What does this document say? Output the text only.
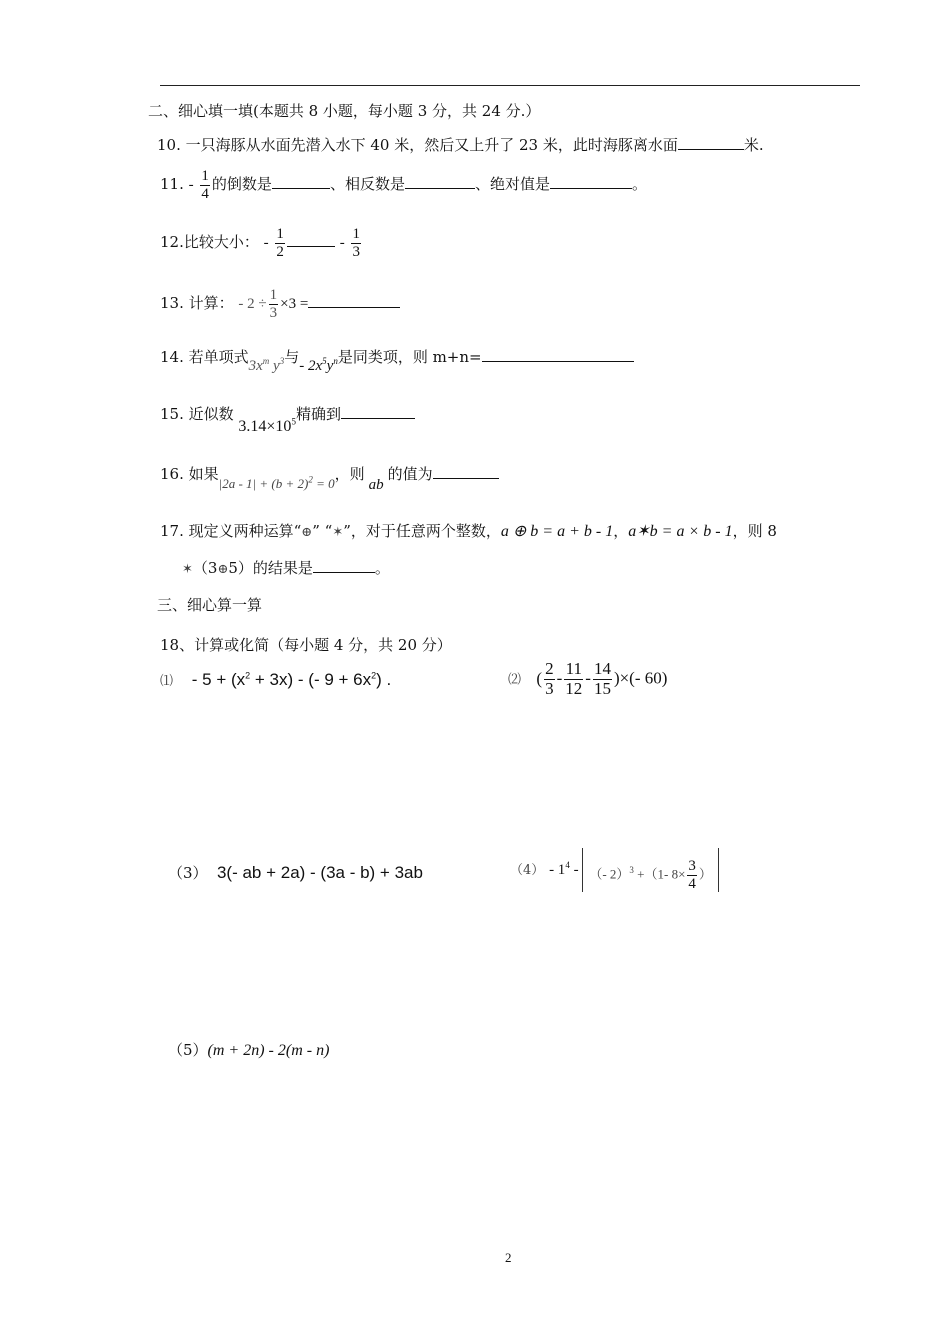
二、细心填一填(本题共 8 小题，每小题 3 分，共 24 分.）
10. 一只海豚从水面先潜入水下 40 米，然后又上升了 23 米，此时海豚离水面	米.
11. - $\frac{1}{4}$ 的倒数是	、相反数是	、绝对值是	。
12.比较大小： - $\frac{1}{2}$	- $\frac{1}{3}$
13. 计算： - $2 \div \frac{1}{3} \times 3$ =
14. 若单项式$3x^m$ $y^3$与- $2x^5y^n$是同类项，则 m+n=
15. 近似数 $3.14\times 10^5$精确到
16. 如果$|2a - 1| + (b + 2)^2 = 0$，则ab的值为
17. 现定义两种运算“⊕” “✶”，对于任意两个整数，a ⊕ b = a + b - 1，a✶b = a × b - 1，则 8
✶（3⊕5）的结果是	。
三、细心算一算
18、计算或化简（每小题 4 分，共 20 分）
⑴ - $5 + (x^2 + 3x)$ - (- $9 + 6x^2$) .	⑵ ( $\frac{2}{3} - \frac{11}{12} - \frac{14}{15}$ )×(- 60)
（3） 3(- ab + 2a) - (3a - b) + 3ab	$(4) - 1^4$ - （- 2）$^3$ +（1- $8\times \frac{3}{4}$ ）
（5）(m + 2n) - 2(m - n)
2
